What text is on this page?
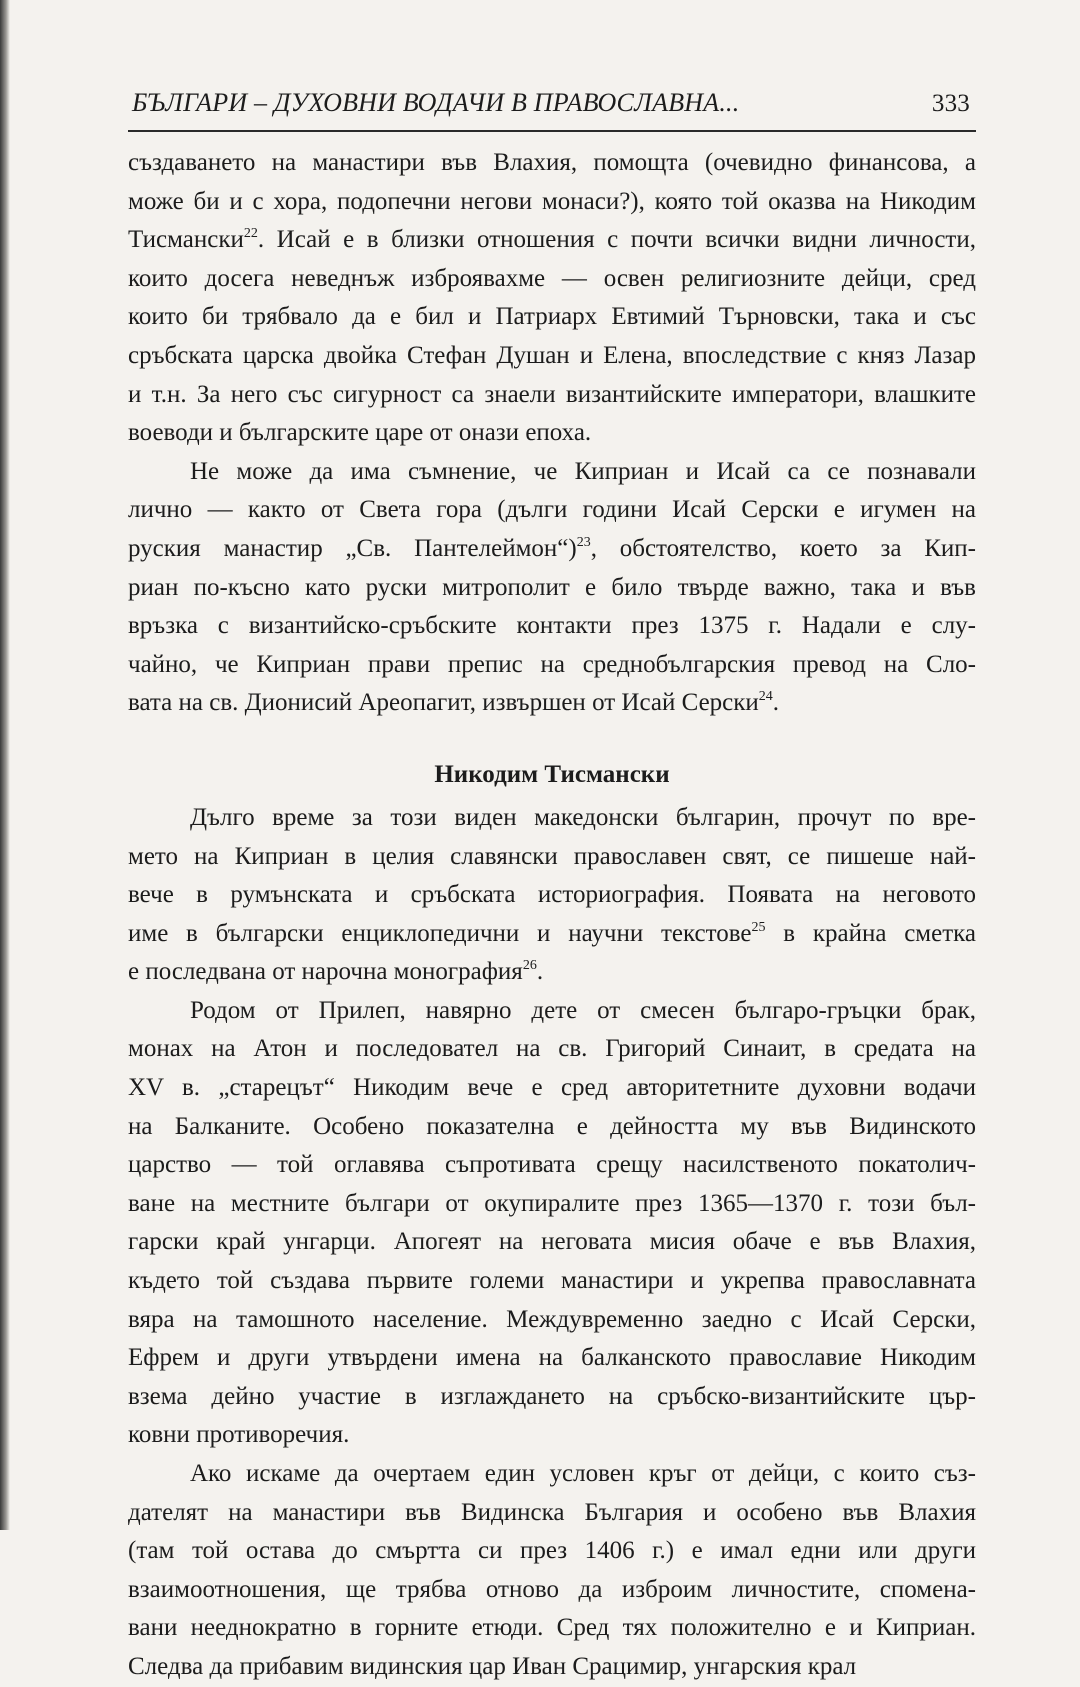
БЪЛГАРИ – ДУХОВНИ ВОДАЧИ В ПРАВОСЛАВНА...	333

създаването на манастири във Влахия, помощта (очевидно финансова, а
може би и с хора, подопечни негови монаси?), която той оказва на Никодим
Тисмански$^{22}$. Исай е в близки отношения с почти всички видни личности,
които досега неведнъж изброявахме — освен религиозните дейци, сред
които би трябвало да е бил и Патриарх Евтимий Търновски, така и със
сръбската царска двойка Стефан Душан и Елена, впоследствие с княз Лазар
и т.н. За него със сигурност са знаели византийските императори, влашките
воеводи и българските царе от онази епоха.

Не може да има съмнение, че Киприан и Исай са се познавали
лично — както от Света гора (дълги години Исай Серски е игумен на
руския манастир „Св. Пантелеймон“)$^{23}$, обстоятелство, което за Кип-
риан по-късно като руски митрополит е било твърде важно, така и във
връзка с византийско-сръбските контакти през 1375 г. Надали е слу-
чайно, че Киприан прави препис на среднобългарския превод на Сло-
вата на св. Дионисий Ареопагит, извършен от Исай Серски$^{24}$.

Никодим Тисмански

Дълго време за този виден македонски българин, прочут по вре-
мето на Киприан в целия славянски православен свят, се пишеше най-
вече в румънската и сръбската историография. Появата на неговото
име в български енциклопедични и научни текстове$^{25}$ в крайна сметка
е последвана от нарочна монография$^{26}$.

Родом от Прилеп, навярно дете от смесен българо-гръцки брак,
монах на Атон и последовател на св. Григорий Синаит, в средата на
XV в. „старецът“ Никодим вече е сред авторитетните духовни водачи
на Балканите. Особено показателна е дейността му във Видинското
царство — той оглавява съпротивата срещу насилственото покатолич-
ване на местните българи от окупиралите през 1365—1370 г. този бъл-
гарски край унгарци. Апогеят на неговата мисия обаче е във Влахия,
където той създава първите големи манастири и укрепва православната
вяра на тамошното население. Междувременно заедно с Исай Серски,
Ефрем и други утвърдени имена на балканското православие Никодим
взема дейно участие в изглаждането на сръбско-византийските цър-
ковни противоречия.

Ако искаме да очертаем един условен кръг от дейци, с които съз-
дателят на манастири във Видинска България и особено във Влахия
(там той остава до смъртта си през 1406 г.) е имал едни или други
взаимоотношения, ще трябва отново да изброим личностите, спомена-
вани нееднократно в горните етюди. Сред тях положително е и Киприан.
Следва да прибавим видинския цар Иван Срацимир, унгарския крал
